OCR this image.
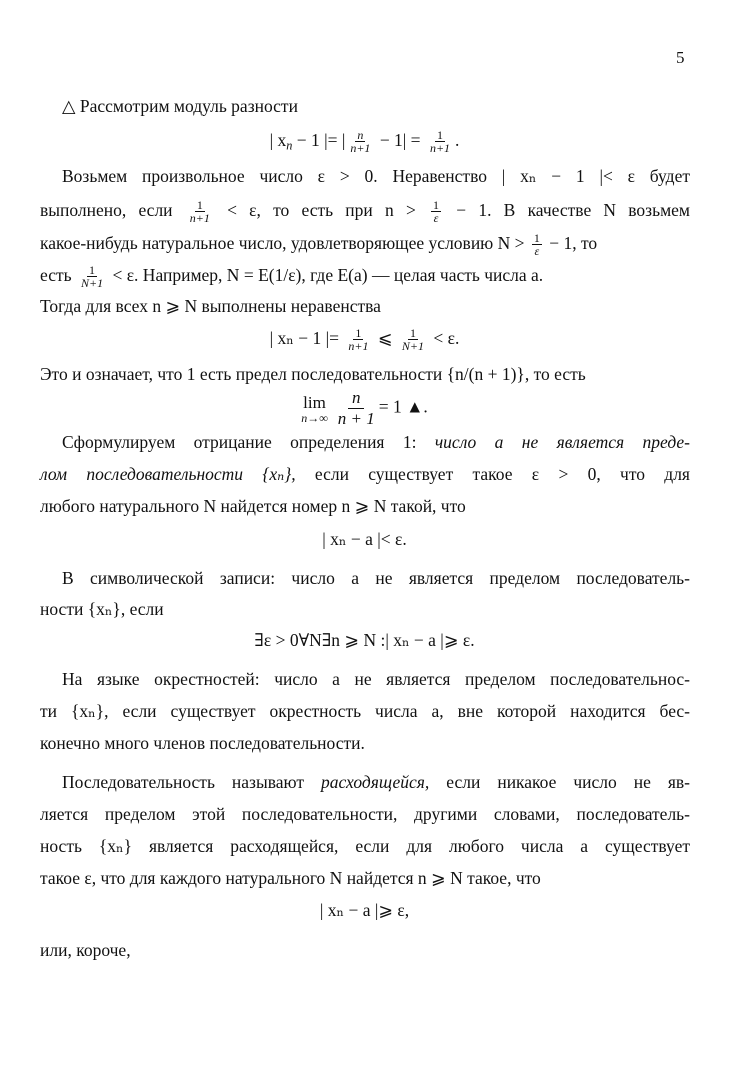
5
△ Рассмотрим модуль разности
| $x_n - 1$ |= | $\frac{n}{n+1} - 1| = \frac{1}{n+1}$ .
Возьмем произвольное число ε > 0. Неравенство | xₙ − 1 |< ε будет
выполнено, если $\frac{1}{n+1} < \varepsilon$, то есть при $n > \frac{1}{\varepsilon} - 1$. В качестве N возьмем
какое-нибудь натуральное число, удовлетворяющее условию $N > \frac{1}{\varepsilon} - 1$, то
есть $\frac{1}{N+1} < \varepsilon$. Например, N = E(1/ε), где E(a) — целая часть числа a.
Тогда для всех n ⩾ N выполнены неравенства
| xₙ − 1 |= $\frac{1}{n+1}$ ⩽ $\frac{1}{N+1} < \varepsilon$.
Это и означает, что 1 есть предел последовательности {n/(n + 1)}, то есть
lim
$n\to\infty \frac{n}{n + 1} = 1$ ▲.
Сформулируем отрицание определения 1: число a не является преде-
лом последовательности {xₙ}, если существует такое ε > 0, что для
любого натурального N найдется номер n ⩾ N такой, что
| xₙ − a |< ε.
В символической записи: число a не является пределом последователь-
ности {xₙ}, если
∃ε > 0∀N∃n ⩾ N :| xₙ − a |⩾ ε.
На языке окрестностей: число a не является пределом последовательнос-
ти {xₙ}, если существует окрестность числа a, вне которой находится бес-
конечно много членов последовательности.
Последовательность называют расходящейся, если никакое число не яв-
ляется пределом этой последовательности, другими словами, последователь-
ность {xₙ} является расходящейся, если для любого числа a существует
такое ε, что для каждого натурального N найдется n ⩾ N такое, что
| xₙ − a |⩾ ε,
или, короче,
